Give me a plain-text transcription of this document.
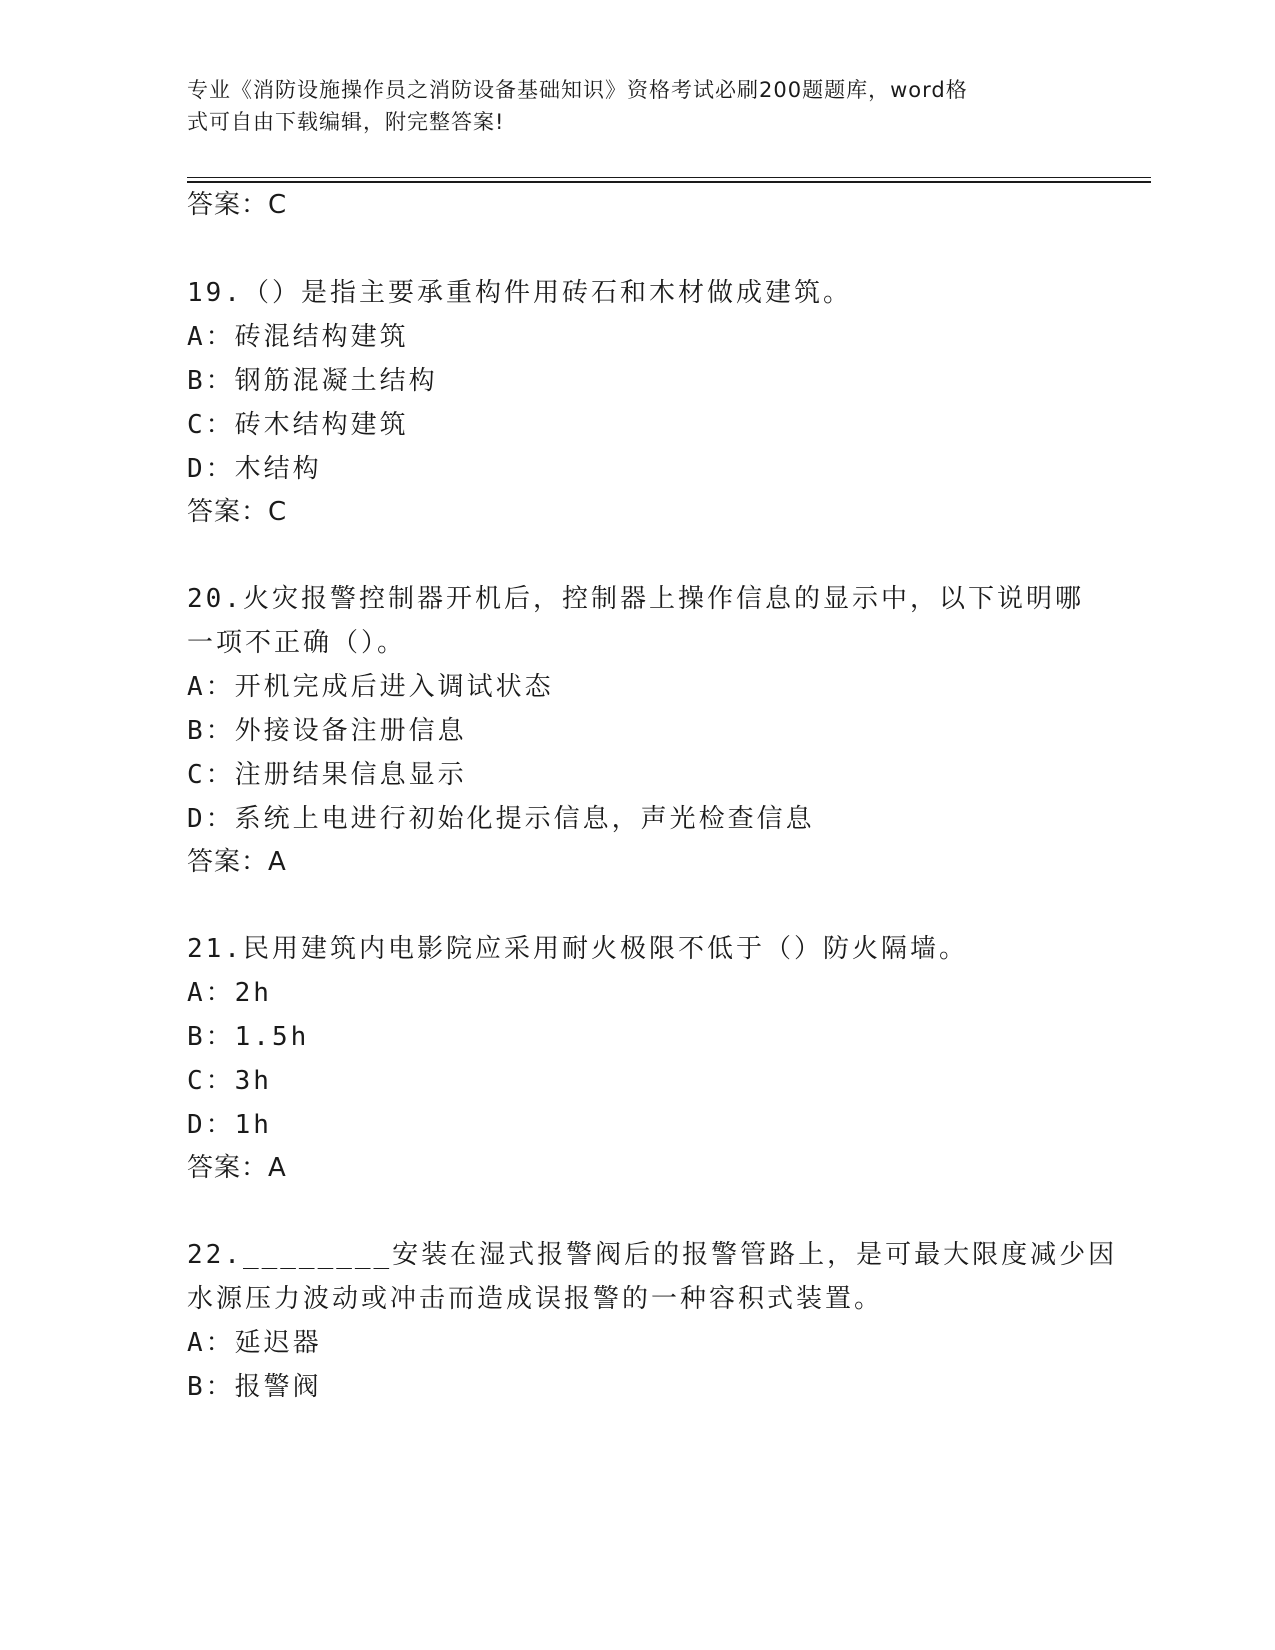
专业《消防设施操作员之消防设备基础知识》资格考试必刷200题题库，word格
式可自由下载编辑，附完整答案!
答案：C
19.（）是指主要承重构件用砖石和木材做成建筑。
A：砖混结构建筑
B：钢筋混凝土结构
C：砖木结构建筑
D：木结构
答案：C
20.火灾报警控制器开机后，控制器上操作信息的显示中，以下说明哪
一项不正确（）。
A：开机完成后进入调试状态
B：外接设备注册信息
C：注册结果信息显示
D：系统上电进行初始化提示信息，声光检查信息
答案：A
21.民用建筑内电影院应采用耐火极限不低于（）防火隔墙。
A：2h
B：1.5h
C：3h
D：1h
答案：A
22.________安装在湿式报警阀后的报警管路上，是可最大限度减少因
水源压力波动或冲击而造成误报警的一种容积式装置。
A：延迟器
B：报警阀
